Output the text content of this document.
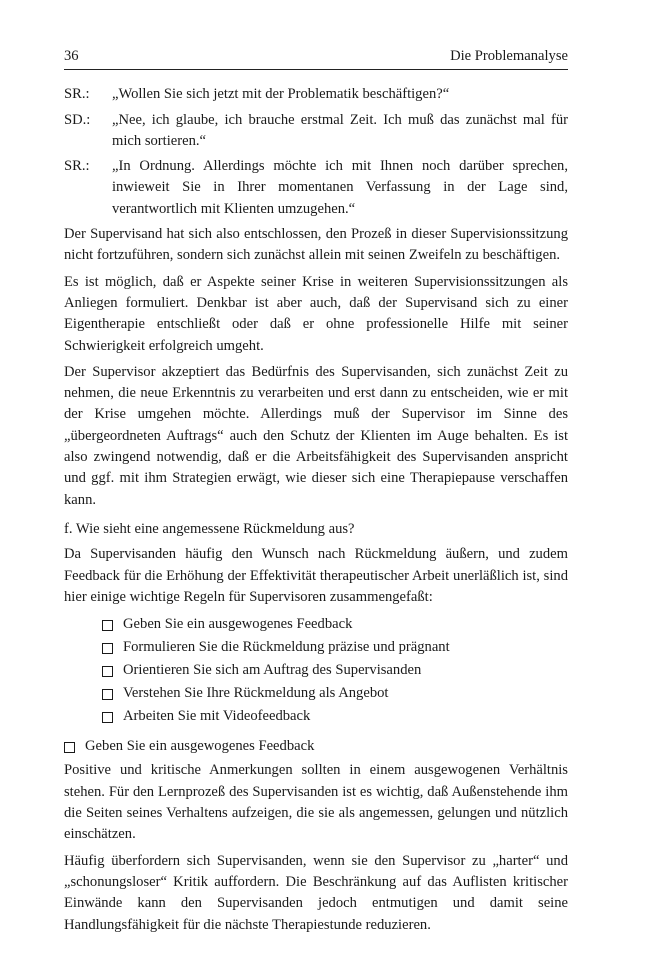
36	Die Problemanalyse
SR.:	„Wollen Sie sich jetzt mit der Problematik beschäftigen?“
SD.:	„Nee, ich glaube, ich brauche erstmal Zeit. Ich muß das zunächst mal für mich sortieren.“
SR.:	„In Ordnung. Allerdings möchte ich mit Ihnen noch darüber sprechen, inwieweit Sie in Ihrer momentanen Verfassung in der Lage sind, verantwortlich mit Klienten umzugehen.“

Der Supervisand hat sich also entschlossen, den Prozeß in dieser Supervisionssitzung nicht fortzuführen, sondern sich zunächst allein mit seinen Zweifeln zu beschäftigen.

Es ist möglich, daß er Aspekte seiner Krise in weiteren Supervisionssitzungen als Anliegen formuliert. Denkbar ist aber auch, daß der Supervisand sich zu einer Eigentherapie entschließt oder daß er ohne professionelle Hilfe mit seiner Schwierigkeit erfolgreich umgeht.

Der Supervisor akzeptiert das Bedürfnis des Supervisanden, sich zunächst Zeit zu nehmen, die neue Erkenntnis zu verarbeiten und erst dann zu entscheiden, wie er mit der Krise umgehen möchte. Allerdings muß der Supervisor im Sinne des „übergeordneten Auftrags“ auch den Schutz der Klienten im Auge behalten. Es ist also zwingend notwendig, daß er die Arbeitsfähigkeit des Supervisanden anspricht und ggf. mit ihm Strategien erwägt, wie dieser sich eine Therapiepause verschaffen kann.

f. Wie sieht eine angemessene Rückmeldung aus?

Da Supervisanden häufig den Wunsch nach Rückmeldung äußern, und zudem Feedback für die Erhöhung der Effektivität therapeutischer Arbeit unerläßlich ist, sind hier einige wichtige Regeln für Supervisoren zusammengefaßt:

Geben Sie ein ausgewogenes Feedback
Formulieren Sie die Rückmeldung präzise und prägnant
Orientieren Sie sich am Auftrag des Supervisanden
Verstehen Sie Ihre Rückmeldung als Angebot
Arbeiten Sie mit Videofeedback
Geben Sie ein ausgewogenes Feedback

Positive und kritische Anmerkungen sollten in einem ausgewogenen Verhältnis stehen. Für den Lernprozeß des Supervisanden ist es wichtig, daß Außenstehende ihm die Seiten seines Verhaltens aufzeigen, die sie als angemessen, gelungen und nützlich einschätzen.

Häufig überfordern sich Supervisanden, wenn sie den Supervisor zu „harter“ und „schonungsloser“ Kritik auffordern. Die Beschränkung auf das Auflisten kritischer Einwände kann den Supervisanden jedoch entmutigen und damit seine Handlungsfähigkeit für die nächste Therapiestunde reduzieren.
